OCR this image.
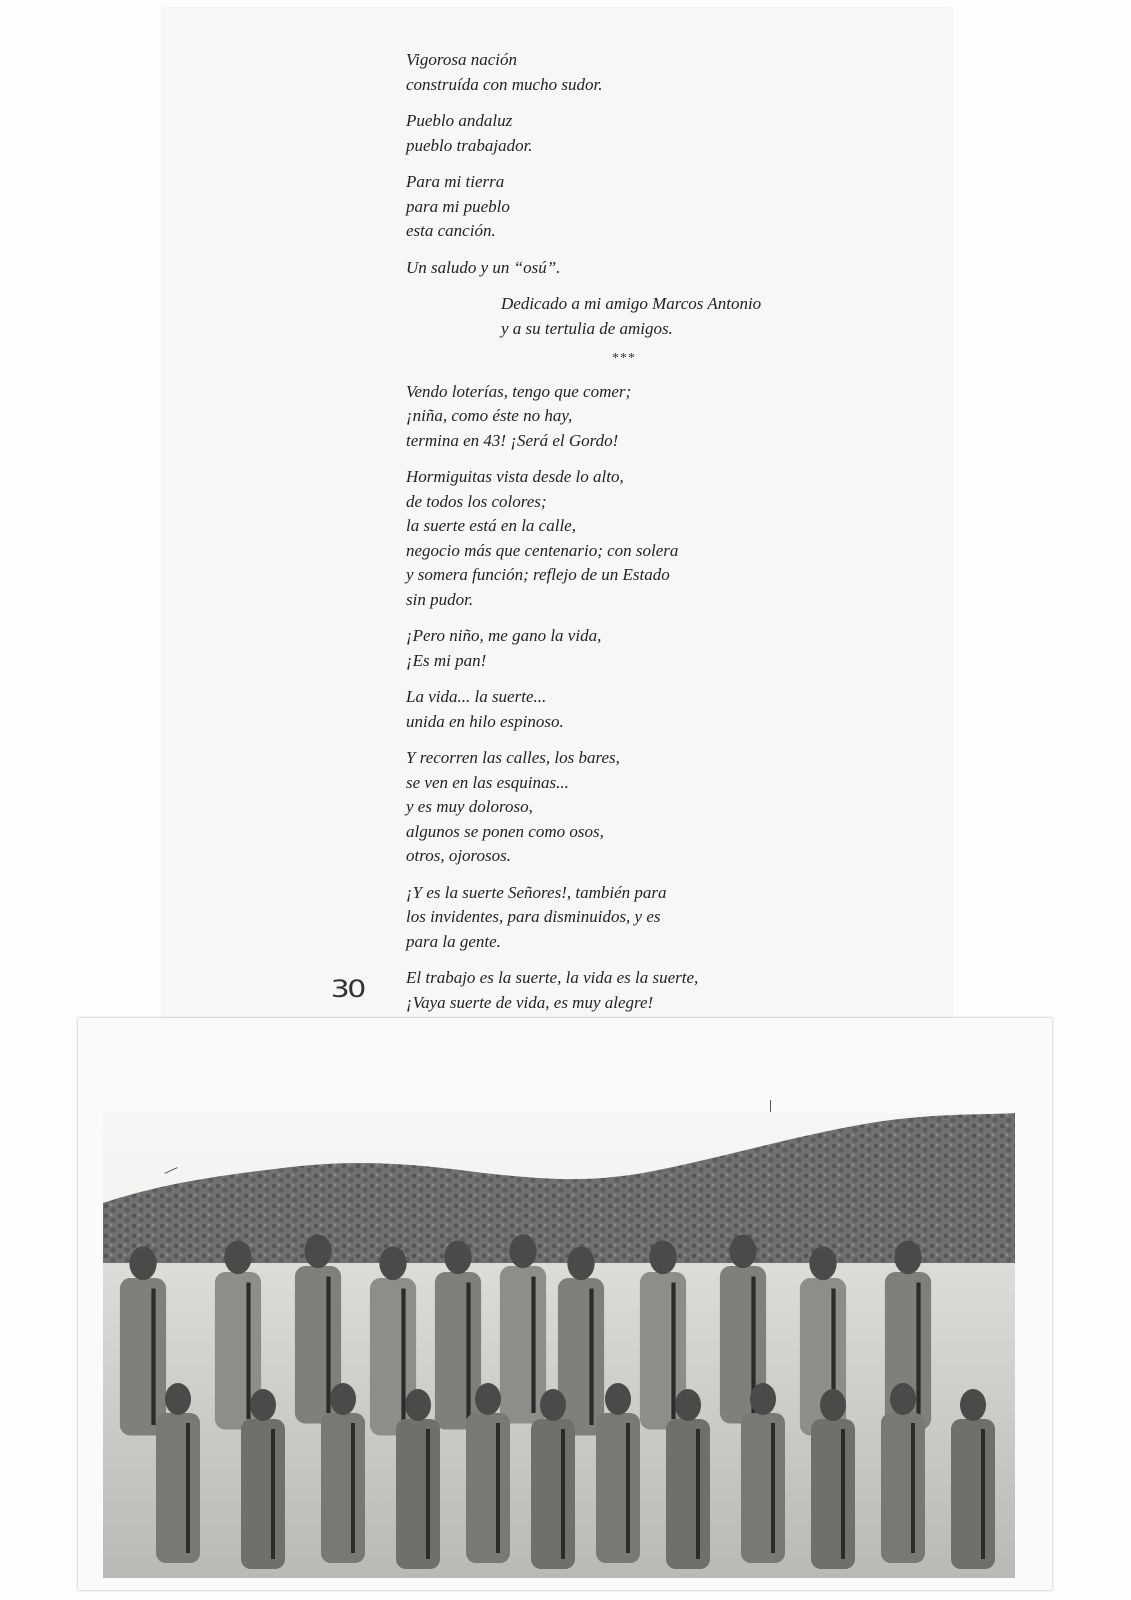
Vigorosa nación
construída con mucho sudor.
Pueblo andaluz
pueblo trabajador.
Para mi tierra
para mi pueblo
esta canción.
Un saludo y un “osú”.
Dedicado a mi amigo Marcos Antonio
y a su tertulia de amigos.
***
Vendo loterías, tengo que comer;
¡niña, como éste no hay,
termina en 43! ¡Será el Gordo!
Hormiguitas vista desde lo alto,
de todos los colores;
la suerte está en la calle,
negocio más que centenario; con solera
y somera función; reflejo de un Estado
sin pudor.
¡Pero niño, me gano la vida,
¡Es mi pan!
La vida... la suerte...
unida en hilo espinoso.
Y recorren las calles, los bares,
se ven en las esquinas...
y es muy doloroso,
algunos se ponen como osos,
otros, ojorosos.
¡Y es la suerte Señores!, también para
los invidentes, para disminuidos, y es
para la gente.
El trabajo es la suerte, la vida es la suerte,
¡Vaya suerte de vida, es muy alegre!
30
